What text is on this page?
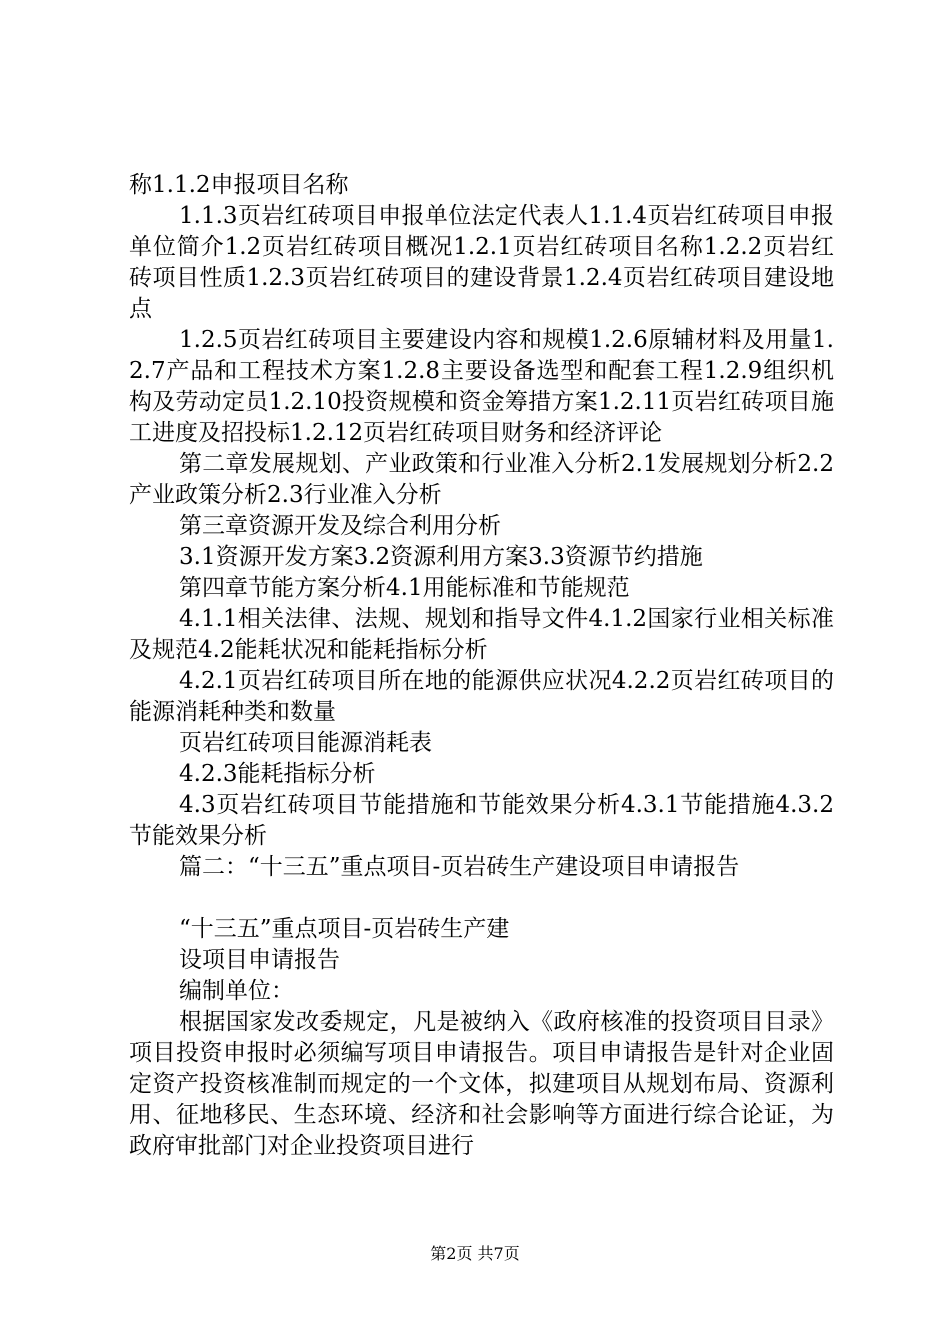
称1.1.2申报项目名称

1.1.3页岩红砖项目申报单位法定代表人1.1.4页岩红砖项目申报单位简介1.2页岩红砖项目概况1.2.1页岩红砖项目名称1.2.2页岩红砖项目性质1.2.3页岩红砖项目的建设背景1.2.4页岩红砖项目建设地点

1.2.5页岩红砖项目主要建设内容和规模1.2.6原辅材料及用量1.2.7产品和工程技术方案1.2.8主要设备选型和配套工程1.2.9组织机构及劳动定员1.2.10投资规模和资金筹措方案1.2.11页岩红砖项目施工进度及招投标1.2.12页岩红砖项目财务和经济评论

第二章发展规划、产业政策和行业准入分析2.1发展规划分析2.2产业政策分析2.3行业准入分析

第三章资源开发及综合利用分析

3.1资源开发方案3.2资源利用方案3.3资源节约措施

第四章节能方案分析4.1用能标准和节能规范

4.1.1相关法律、法规、规划和指导文件4.1.2国家行业相关标准及规范4.2能耗状况和能耗指标分析

4.2.1页岩红砖项目所在地的能源供应状况4.2.2页岩红砖项目的能源消耗种类和数量

页岩红砖项目能源消耗表

4.2.3能耗指标分析

4.3页岩红砖项目节能措施和节能效果分析4.3.1节能措施4.3.2节能效果分析

篇二：“十三五”重点项目-页岩砖生产建设项目申请报告

“十三五”重点项目-页岩砖生产建

设项目申请报告

编制单位：

根据国家发改委规定，凡是被纳入《政府核准的投资项目目录》项目投资申报时必须编写项目申请报告。项目申请报告是针对企业固定资产投资核准制而规定的一个文体，拟建项目从规划布局、资源利用、征地移民、生态环境、经济和社会影响等方面进行综合论证，为政府审批部门对企业投资项目进行

第2页 共7页
